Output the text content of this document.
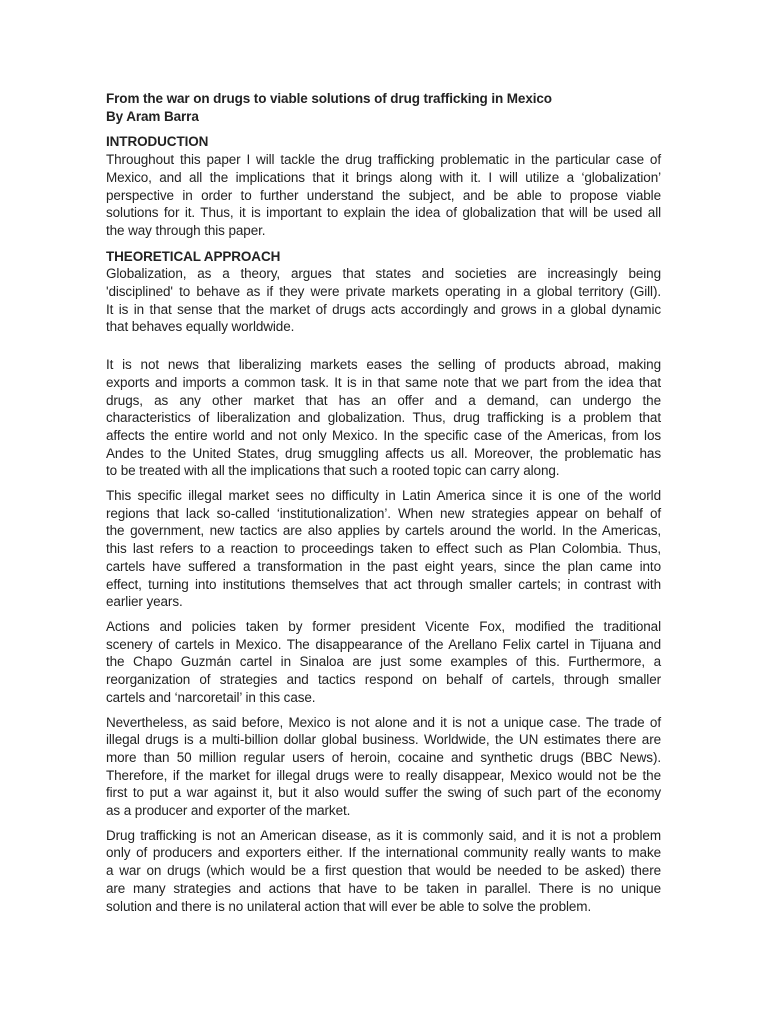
From the war on drugs to viable solutions of drug trafficking in Mexico
By Aram Barra
INTRODUCTION
Throughout this paper I will tackle the drug trafficking problematic in the particular case of
Mexico, and all the implications that it brings along with it. I will utilize a ‘globalization’
perspective in order to further understand the subject, and be able to propose viable
solutions for it. Thus, it is important to explain the idea of globalization that will be used all
the way through this paper.
THEORETICAL APPROACH
Globalization, as a theory, argues that states and societies are increasingly being
'disciplined' to behave as if they were private markets operating in a global territory (Gill).
It is in that sense that the market of drugs acts accordingly and grows in a global dynamic
that behaves equally worldwide.
It is not news that liberalizing markets eases the selling of products abroad, making
exports and imports a common task. It is in that same note that we part from the idea that
drugs, as any other market that has an offer and a demand, can undergo the
characteristics of liberalization and globalization. Thus, drug trafficking is a problem that
affects the entire world and not only Mexico. In the specific case of the Americas, from los
Andes to the United States, drug smuggling affects us all. Moreover, the problematic has
to be treated with all the implications that such a rooted topic can carry along.
This specific illegal market sees no difficulty in Latin America since it is one of the world
regions that lack so-called ‘institutionalization’. When new strategies appear on behalf of
the government, new tactics are also applies by cartels around the world. In the Americas,
this last refers to a reaction to proceedings taken to effect such as Plan Colombia. Thus,
cartels have suffered a transformation in the past eight years, since the plan came into
effect, turning into institutions themselves that act through smaller cartels; in contrast with
earlier years.
Actions and policies taken by former president Vicente Fox, modified the traditional
scenery of cartels in Mexico. The disappearance of the Arellano Felix cartel in Tijuana and
the Chapo Guzmán cartel in Sinaloa are just some examples of this. Furthermore, a
reorganization of strategies and tactics respond on behalf of cartels, through smaller
cartels and ‘narcoretail’ in this case.
Nevertheless, as said before, Mexico is not alone and it is not a unique case. The trade of
illegal drugs is a multi-billion dollar global business. Worldwide, the UN estimates there are
more than 50 million regular users of heroin, cocaine and synthetic drugs (BBC News).
Therefore, if the market for illegal drugs were to really disappear, Mexico would not be the
first to put a war against it, but it also would suffer the swing of such part of the economy
as a producer and exporter of the market.
Drug trafficking is not an American disease, as it is commonly said, and it is not a problem
only of producers and exporters either. If the international community really wants to make
a war on drugs (which would be a first question that would be needed to be asked) there
are many strategies and actions that have to be taken in parallel. There is no unique
solution and there is no unilateral action that will ever be able to solve the problem.
